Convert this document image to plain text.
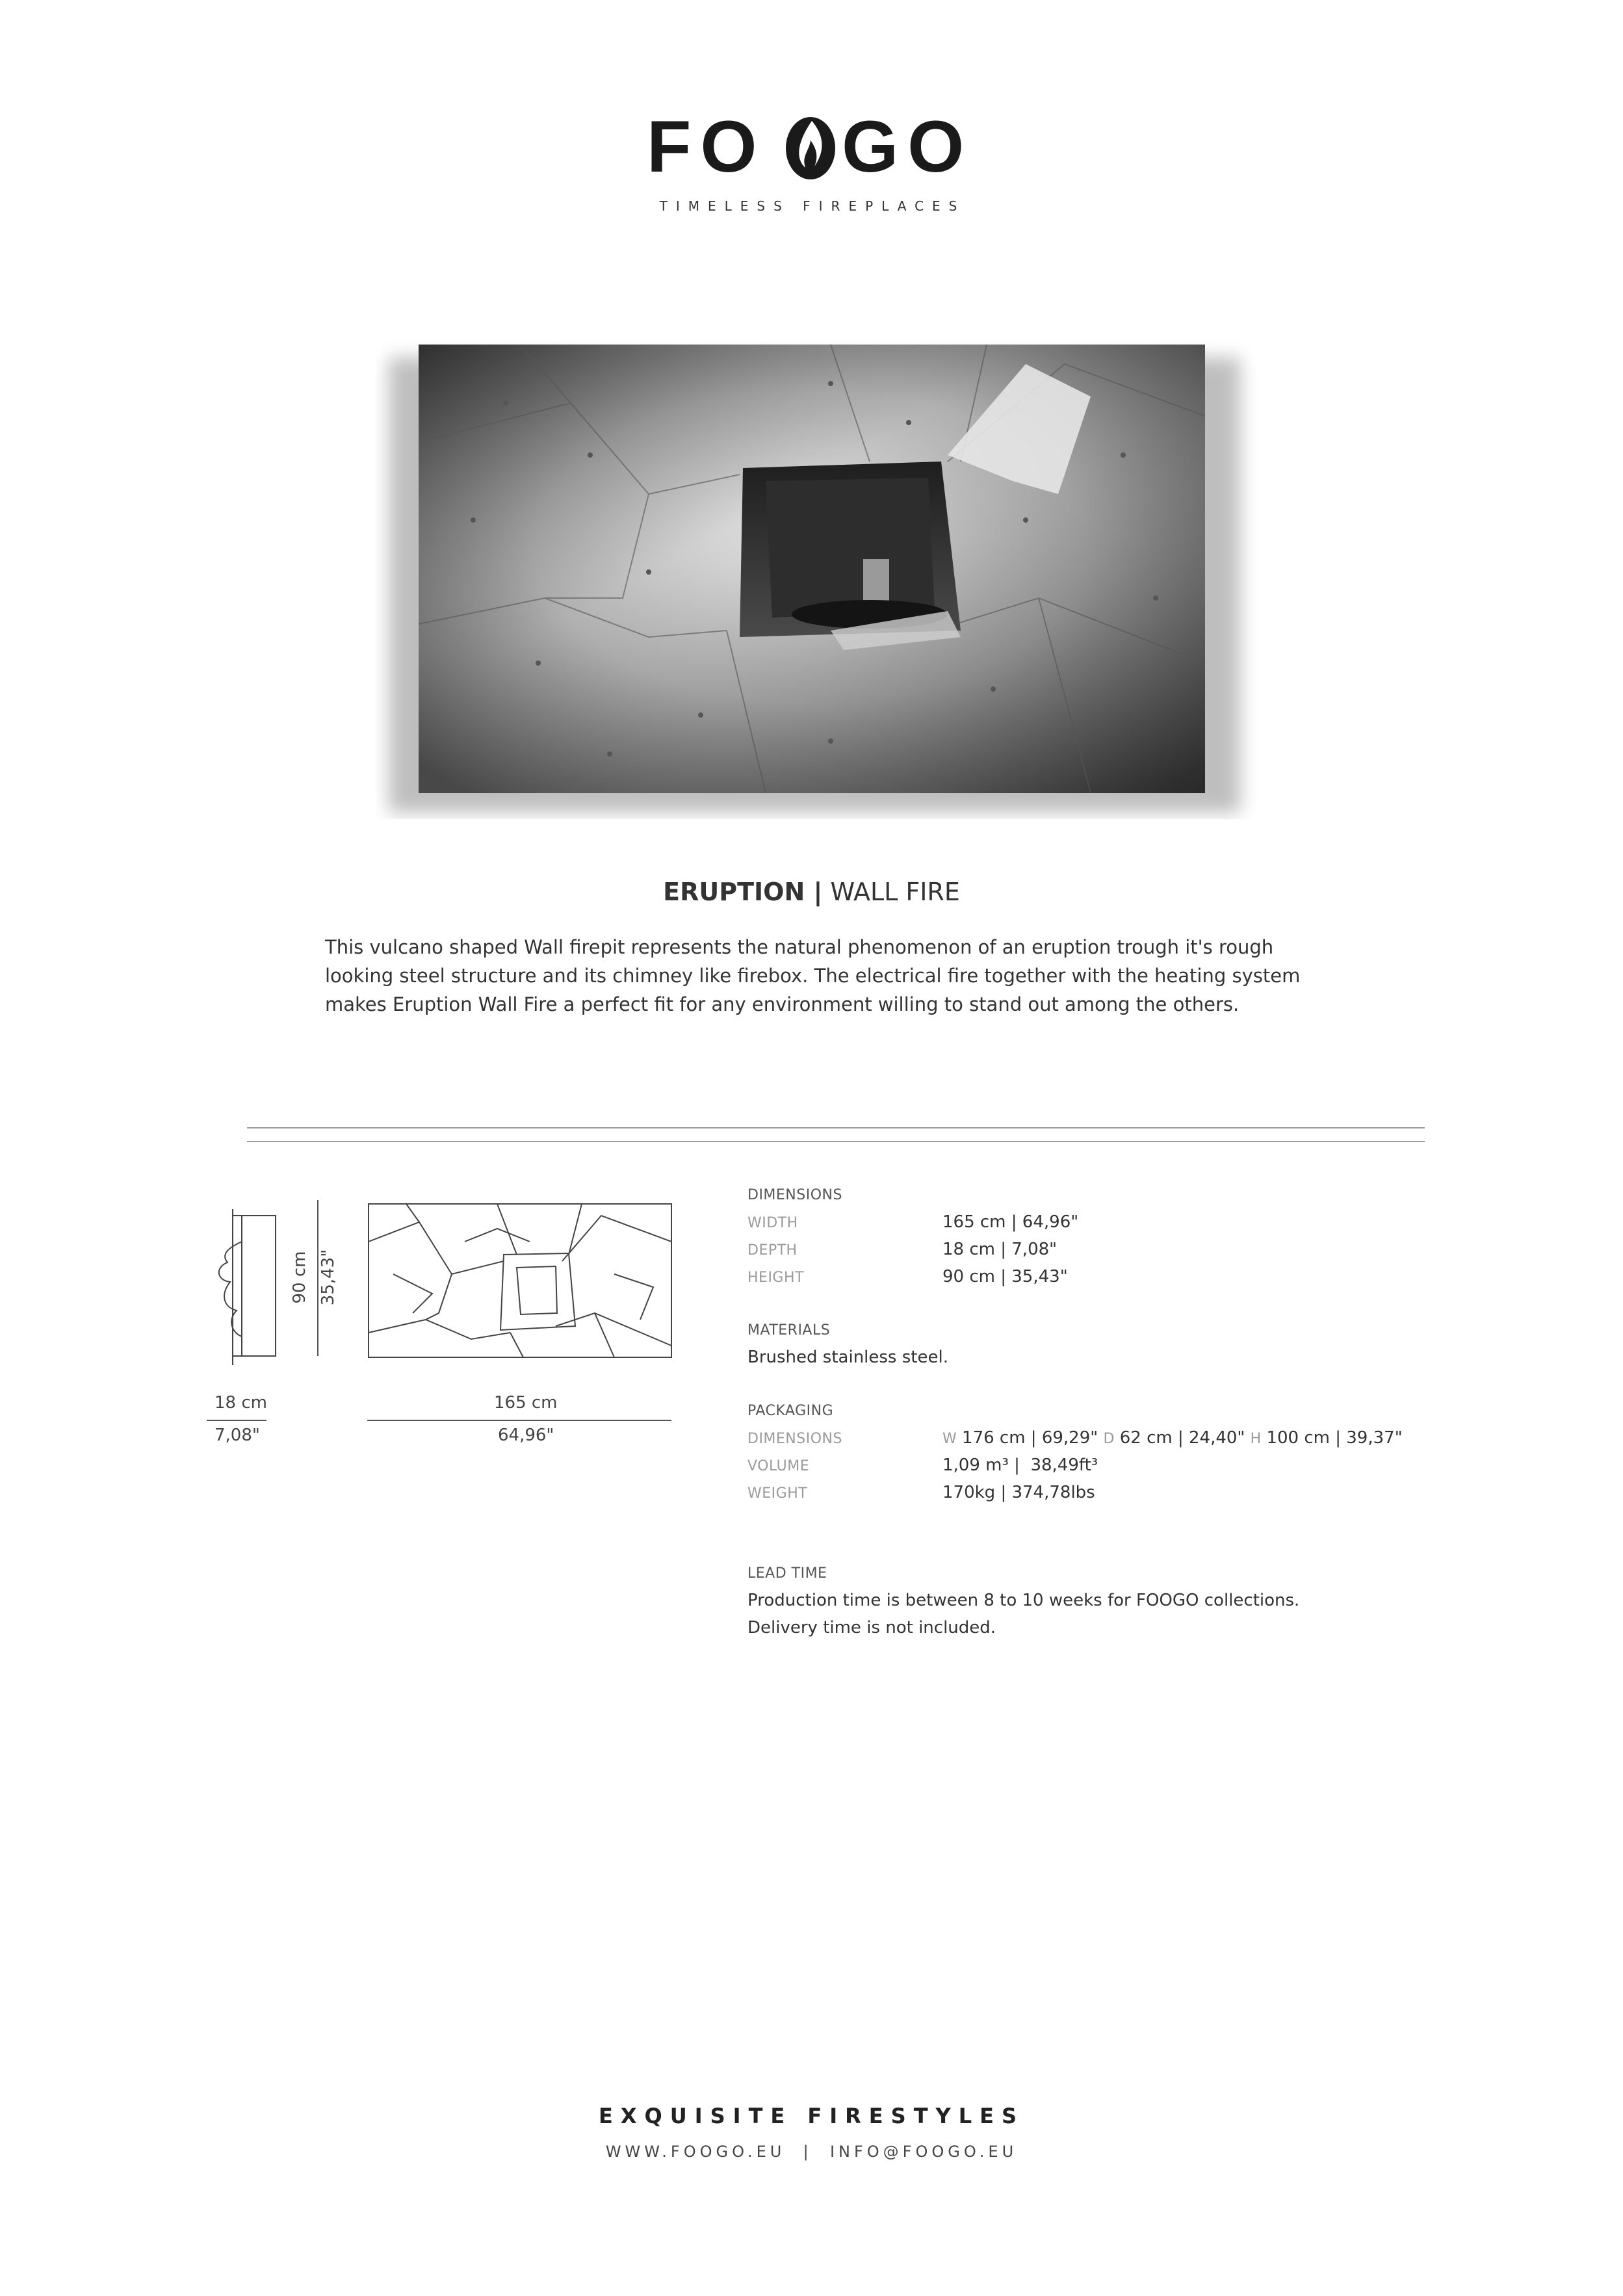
FO GO
TIMELESS FIREPLACES
ERUPTION | WALL FIRE
This vulcano shaped Wall firepit represents the natural phenomenon of an eruption trough it's rough looking steel structure and its chimney like firebox. The electrical fire together with the heating system makes Eruption Wall Fire a perfect fit for any environment willing to stand out among the others.
18 cm
7,08"
90 cm 35,43"
165 cm
64,96"
DIMENSIONS
WIDTH	165 cm | 64,96"
DEPTH	18 cm | 7,08"
HEIGHT	90 cm | 35,43"
MATERIALS
Brushed stainless steel.
PACKAGING
DIMENSIONS	W 176 cm | 69,29" D 62 cm | 24,40" H 100 cm | 39,37"
VOLUME	1,09 m³ |  38,49ft³
WEIGHT	170kg | 374,78lbs
LEAD TIME
Production time is between 8 to 10 weeks for FOOGO collections.
Delivery time is not included.
EXQUISITE FIRESTYLES
WWW.FOOGO.EU  |  INFO@FOOGO.EU
